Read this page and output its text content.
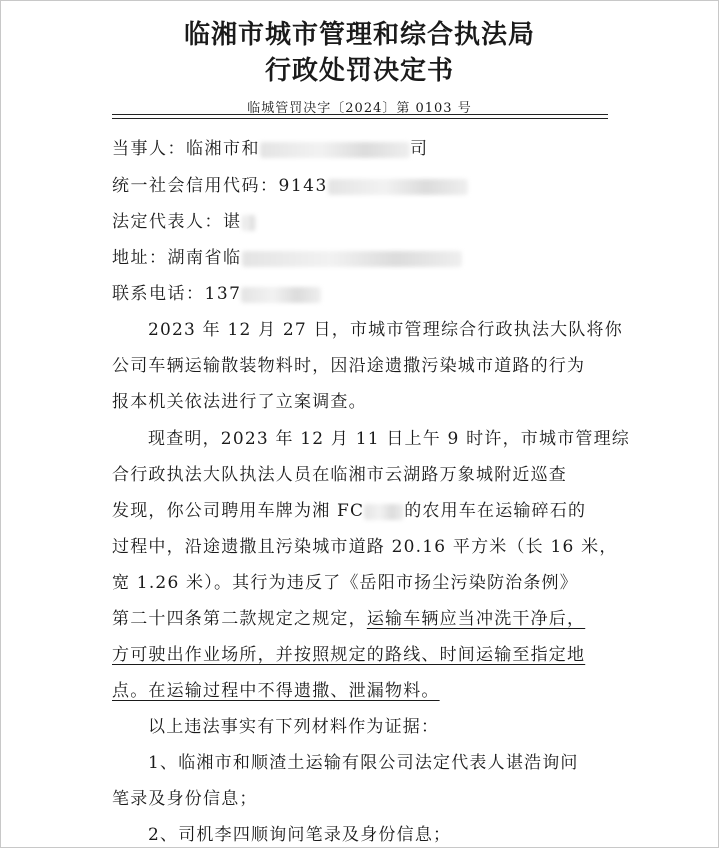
临湘市城市管理和综合执法局
行政处罚决定书
临城管罚决字〔2024〕第 0103 号
当事人：临湘市和	司
统一社会信用代码：9143
法定代表人：谌
地址：湖南省临
联系电话：137
2023 年 12 月 27 日，市城市管理综合行政执法大队将你
公司车辆运输散装物料时，因沿途遗撒污染城市道路的行为
报本机关依法进行了立案调查。
现查明，2023 年 12 月 11 日上午 9 时许，市城市管理综
合行政执法大队执法人员在临湘市云湖路万象城附近巡查
发现，你公司聘用车牌为湘 FC 的农用车在运输碎石的
过程中，沿途遗撒且污染城市道路 20.16 平方米（长 16 米，
宽 1.26 米）。其行为违反了《岳阳市扬尘污染防治条例》
第二十四条第二款规定之规定，运输车辆应当冲洗干净后，
方可驶出作业场所，并按照规定的路线、时间运输至指定地
点。在运输过程中不得遗撒、泄漏物料。
以上违法事实有下列材料作为证据：
1、临湘市和顺渣土运输有限公司法定代表人谌浩询问
笔录及身份信息；
2、司机李四顺询问笔录及身份信息；
